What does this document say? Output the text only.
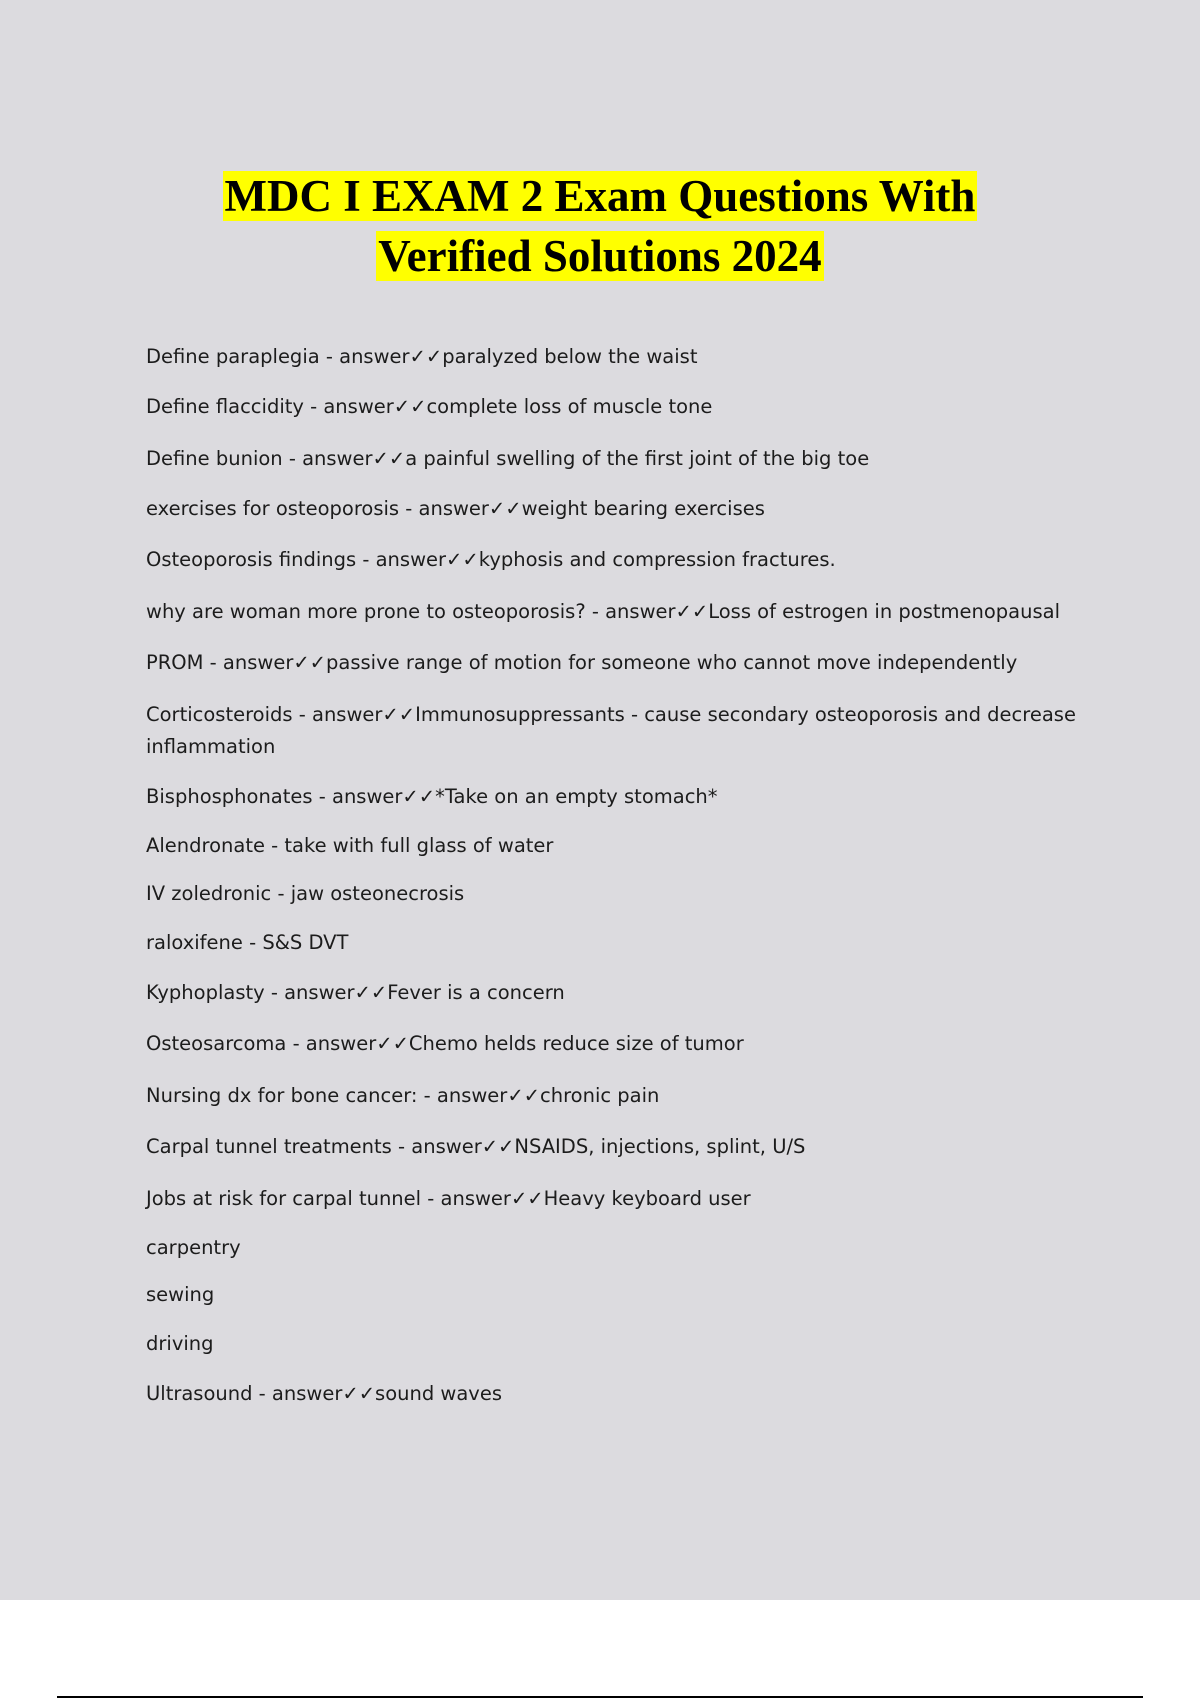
MDC I EXAM 2 Exam Questions With
Verified Solutions 2024
Define paraplegia - answer✓✓paralyzed below the waist
Define flaccidity - answer✓✓complete loss of muscle tone
Define bunion - answer✓✓a painful swelling of the first joint of the big toe
exercises for osteoporosis - answer✓✓weight bearing exercises
Osteoporosis findings - answer✓✓kyphosis and compression fractures.
why are woman more prone to osteoporosis? - answer✓✓Loss of estrogen in postmenopausal
PROM - answer✓✓passive range of motion for someone who cannot move independently
Corticosteroids - answer✓✓Immunosuppressants - cause secondary osteoporosis and decrease inflammation
Bisphosphonates - answer✓✓*Take on an empty stomach*
Alendronate - take with full glass of water
IV zoledronic - jaw osteonecrosis
raloxifene - S&S DVT
Kyphoplasty - answer✓✓Fever is a concern
Osteosarcoma - answer✓✓Chemo helds reduce size of tumor
Nursing dx for bone cancer: - answer✓✓chronic pain
Carpal tunnel treatments - answer✓✓NSAIDS, injections, splint, U/S
Jobs at risk for carpal tunnel - answer✓✓Heavy keyboard user
carpentry
sewing
driving
Ultrasound - answer✓✓sound waves
